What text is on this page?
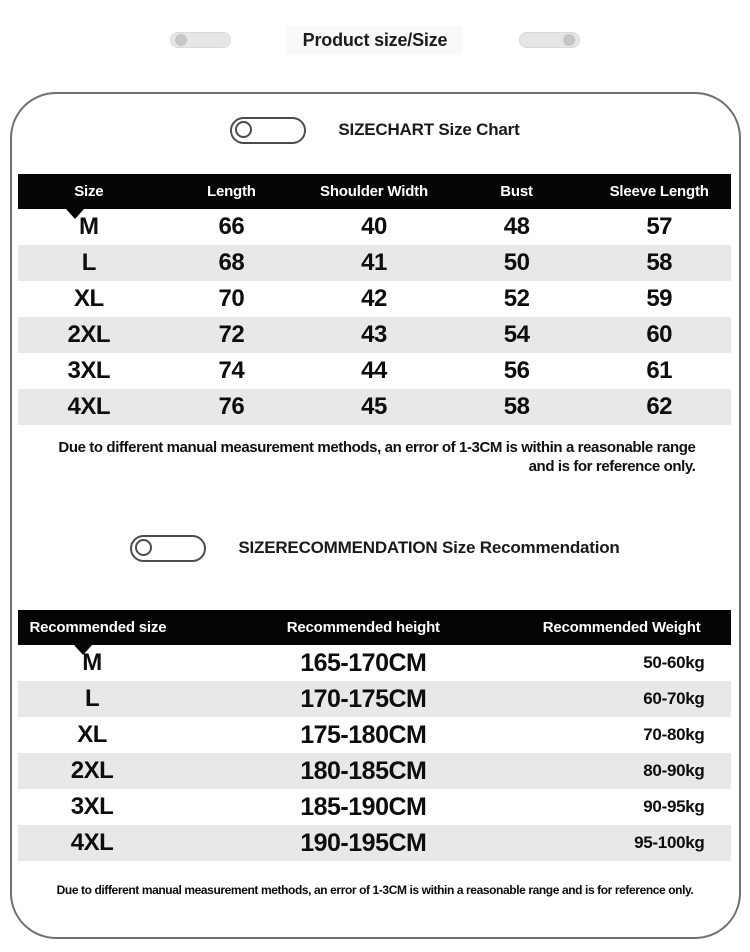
Product size/Size
SIZECHART Size Chart
Size	Length	Shoulder Width	Bust	Sleeve Length
M	66	40	48	57
L	68	41	50	58
XL	70	42	52	59
2XL	72	43	54	60
3XL	74	44	56	61
4XL	76	45	58	62
Due to different manual measurement methods, an error of 1-3CM is within a reasonable range
and is for reference only.
SIZERECOMMENDATION Size Recommendation
Recommended size	Recommended height	Recommended Weight
M	165-170CM	50-60kg
L	170-175CM	60-70kg
XL	175-180CM	70-80kg
2XL	180-185CM	80-90kg
3XL	185-190CM	90-95kg
4XL	190-195CM	95-100kg
Due to different manual measurement methods, an error of 1-3CM is within a reasonable range and is for reference only.
